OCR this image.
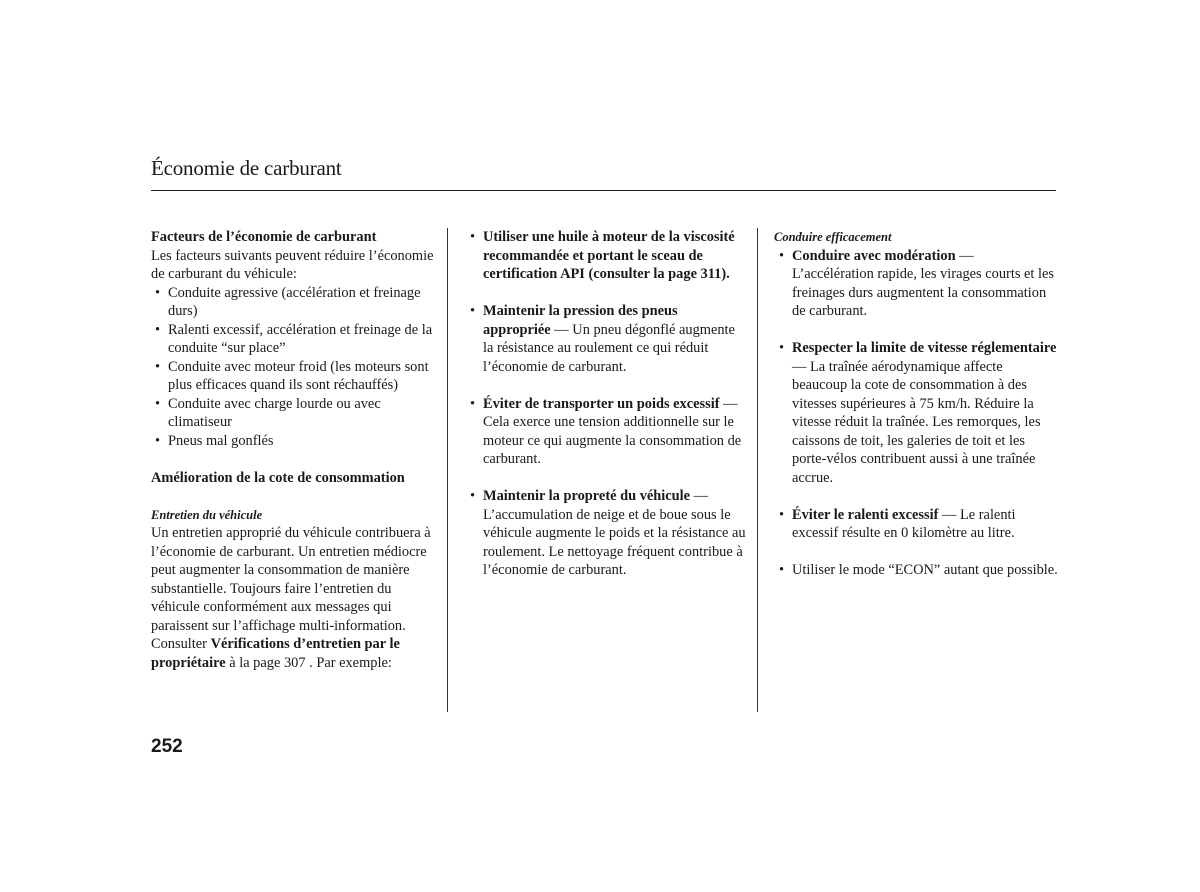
Économie de carburant

Facteurs de l’économie de carburant

Les facteurs suivants peuvent réduire l’économie de carburant du véhicule:

• Conduite agressive (accélération et freinage durs)
• Ralenti excessif, accélération et freinage de la conduite “sur place”
• Conduite avec moteur froid (les moteurs sont plus efficaces quand ils sont réchauffés)
• Conduite avec charge lourde ou avec climatiseur
• Pneus mal gonflés

Amélioration de la cote de consommation

Entretien du véhicule

Un entretien approprié du véhicule contribuera à l’économie de carburant. Un entretien médiocre peut augmenter la consommation de manière substantielle. Toujours faire l’entretien du véhicule conformément aux messages qui paraissent sur l’affichage multi-information. Consulter Vérifications d’entretien par le propriétaire à la page 307 . Par exemple:

• Utiliser une huile à moteur de la viscosité recommandée et portant le sceau de certification API (consulter la page 311).
• Maintenir la pression des pneus appropriée — Un pneu dégonflé augmente la résistance au roulement ce qui réduit l’économie de carburant.
• Éviter de transporter un poids excessif — Cela exerce une tension additionnelle sur le moteur ce qui augmente la consommation de carburant.
• Maintenir la propreté du véhicule — L’accumulation de neige et de boue sous le véhicule augmente le poids et la résistance au roulement. Le nettoyage fréquent contribue à l’économie de carburant.

Conduire efficacement

• Conduire avec modération — L’accélération rapide, les virages courts et les freinages durs augmentent la consommation de carburant.
• Respecter la limite de vitesse réglementaire — La traînée aérodynamique affecte beaucoup la cote de consommation à des vitesses supérieures à 75 km/h. Réduire la vitesse réduit la traînée. Les remorques, les caissons de toit, les galeries de toit et les porte-vélos contribuent aussi à une traînée accrue.
• Éviter le ralenti excessif — Le ralenti excessif résulte en 0 kilomètre au litre.
• Utiliser le mode “ECON” autant que possible.

252
